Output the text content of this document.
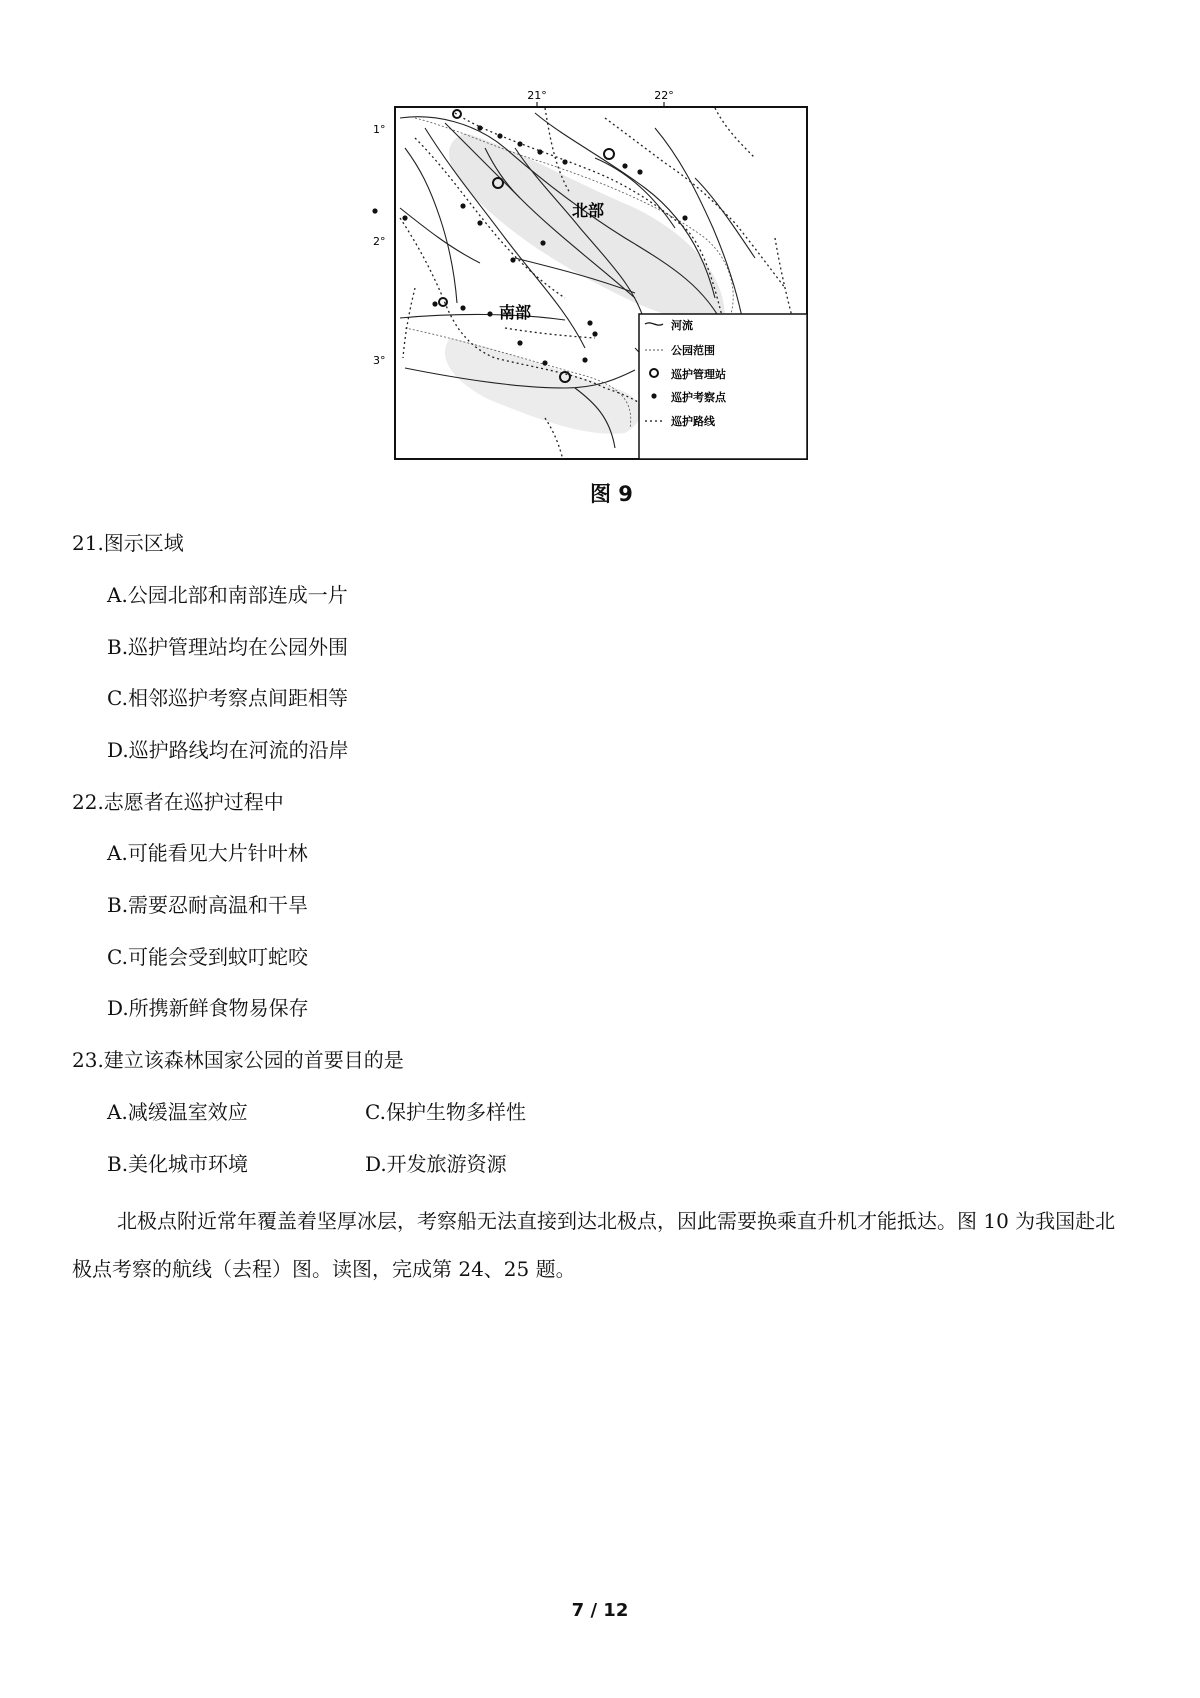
21°	22°
1°
2°
3°
北部
南部
河流
公园范围
巡护管理站
巡护考察点
巡护路线
图 9
21.图示区域
A.公园北部和南部连成一片
B.巡护管理站均在公园外围
C.相邻巡护考察点间距相等
D.巡护路线均在河流的沿岸
22.志愿者在巡护过程中
A.可能看见大片针叶林
B.需要忍耐高温和干旱
C.可能会受到蚊叮蛇咬
D.所携新鲜食物易保存
23.建立该森林国家公园的首要目的是
A.减缓温室效应	C.保护生物多样性
B.美化城市环境	D.开发旅游资源
北极点附近常年覆盖着坚厚冰层，考察船无法直接到达北极点，因此需要换乘直升机才能抵达。图 10 为我国赴北极点考察的航线（去程）图。读图，完成第 24、25 题。
7 / 12
